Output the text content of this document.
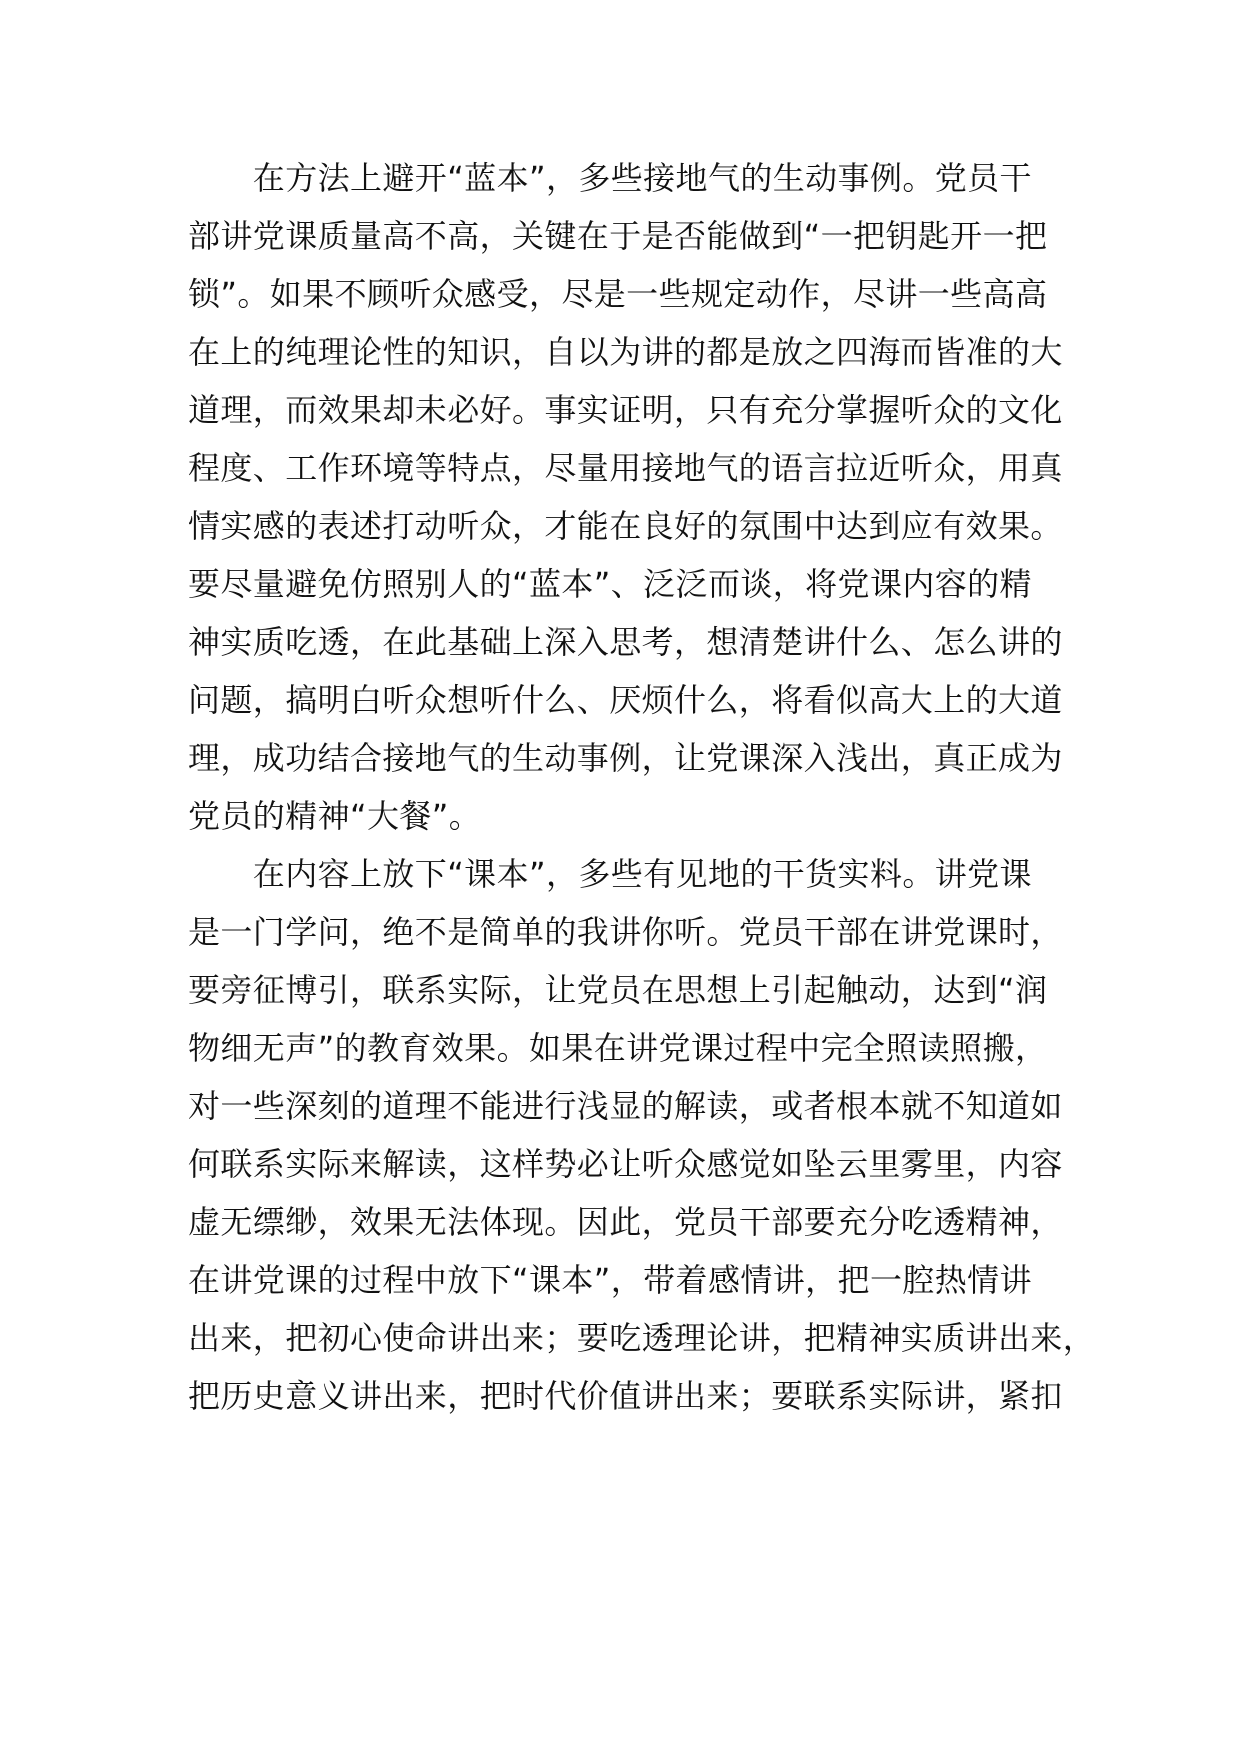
　　在方法上避开“蓝本”，多些接地气的生动事例。党员干
部讲党课质量高不高，关键在于是否能做到“一把钥匙开一把
锁”。如果不顾听众感受，尽是一些规定动作，尽讲一些高高
在上的纯理论性的知识，自以为讲的都是放之四海而皆准的大
道理，而效果却未必好。事实证明，只有充分掌握听众的文化
程度、工作环境等特点，尽量用接地气的语言拉近听众，用真
情实感的表述打动听众，才能在良好的氛围中达到应有效果。
要尽量避免仿照别人的“蓝本”、泛泛而谈，将党课内容的精
神实质吃透，在此基础上深入思考，想清楚讲什么、怎么讲的
问题，搞明白听众想听什么、厌烦什么，将看似高大上的大道
理，成功结合接地气的生动事例，让党课深入浅出，真正成为
党员的精神“大餐”。
　　在内容上放下“课本”，多些有见地的干货实料。讲党课
是一门学问，绝不是简单的我讲你听。党员干部在讲党课时，
要旁征博引，联系实际，让党员在思想上引起触动，达到“润
物细无声”的教育效果。如果在讲党课过程中完全照读照搬，
对一些深刻的道理不能进行浅显的解读，或者根本就不知道如
何联系实际来解读，这样势必让听众感觉如坠云里雾里，内容
虚无缥缈，效果无法体现。因此，党员干部要充分吃透精神，
在讲党课的过程中放下“课本”，带着感情讲，把一腔热情讲
出来，把初心使命讲出来；要吃透理论讲，把精神实质讲出来，
把历史意义讲出来，把时代价值讲出来；要联系实际讲，紧扣
